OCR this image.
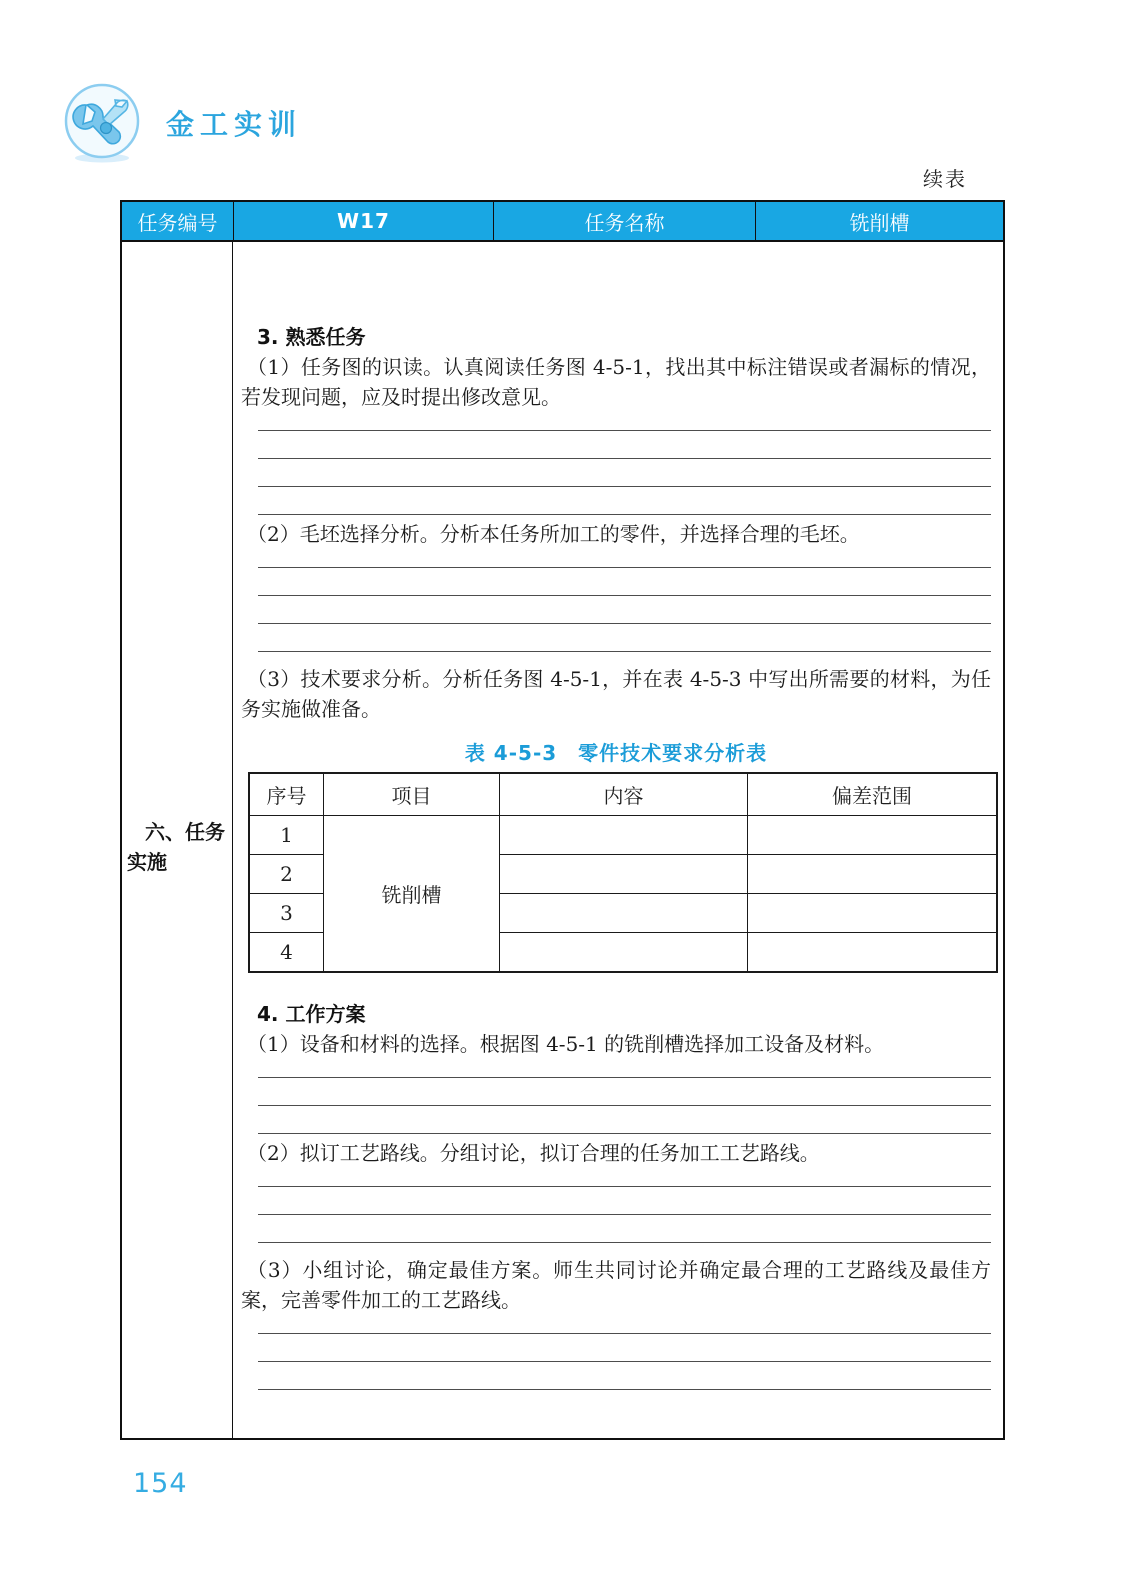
金工实训
续表
任务编号	W17	任务名称	铣削槽
六、任务实施
3. 熟悉任务

（1）任务图的识读。认真阅读任务图 4-5-1，找出其中标注错误或者漏标的情况，若发现问题，应及时提出修改意见。

（2）毛坯选择分析。分析本任务所加工的零件，并选择合理的毛坯。

（3）技术要求分析。分析任务图 4-5-1，并在表 4-5-3 中写出所需要的材料，为任务实施做准备。

表 4-5-3　零件技术要求分析表
序号	项目	内容	偏差范围
1	铣削槽		
2			
3			
4			
4. 工作方案

（1）设备和材料的选择。根据图 4-5-1 的铣削槽选择加工设备及材料。

（2）拟订工艺路线。分组讨论，拟订合理的任务加工工艺路线。

（3）小组讨论，确定最佳方案。师生共同讨论并确定最合理的工艺路线及最佳方案，完善零件加工的工艺路线。

154
